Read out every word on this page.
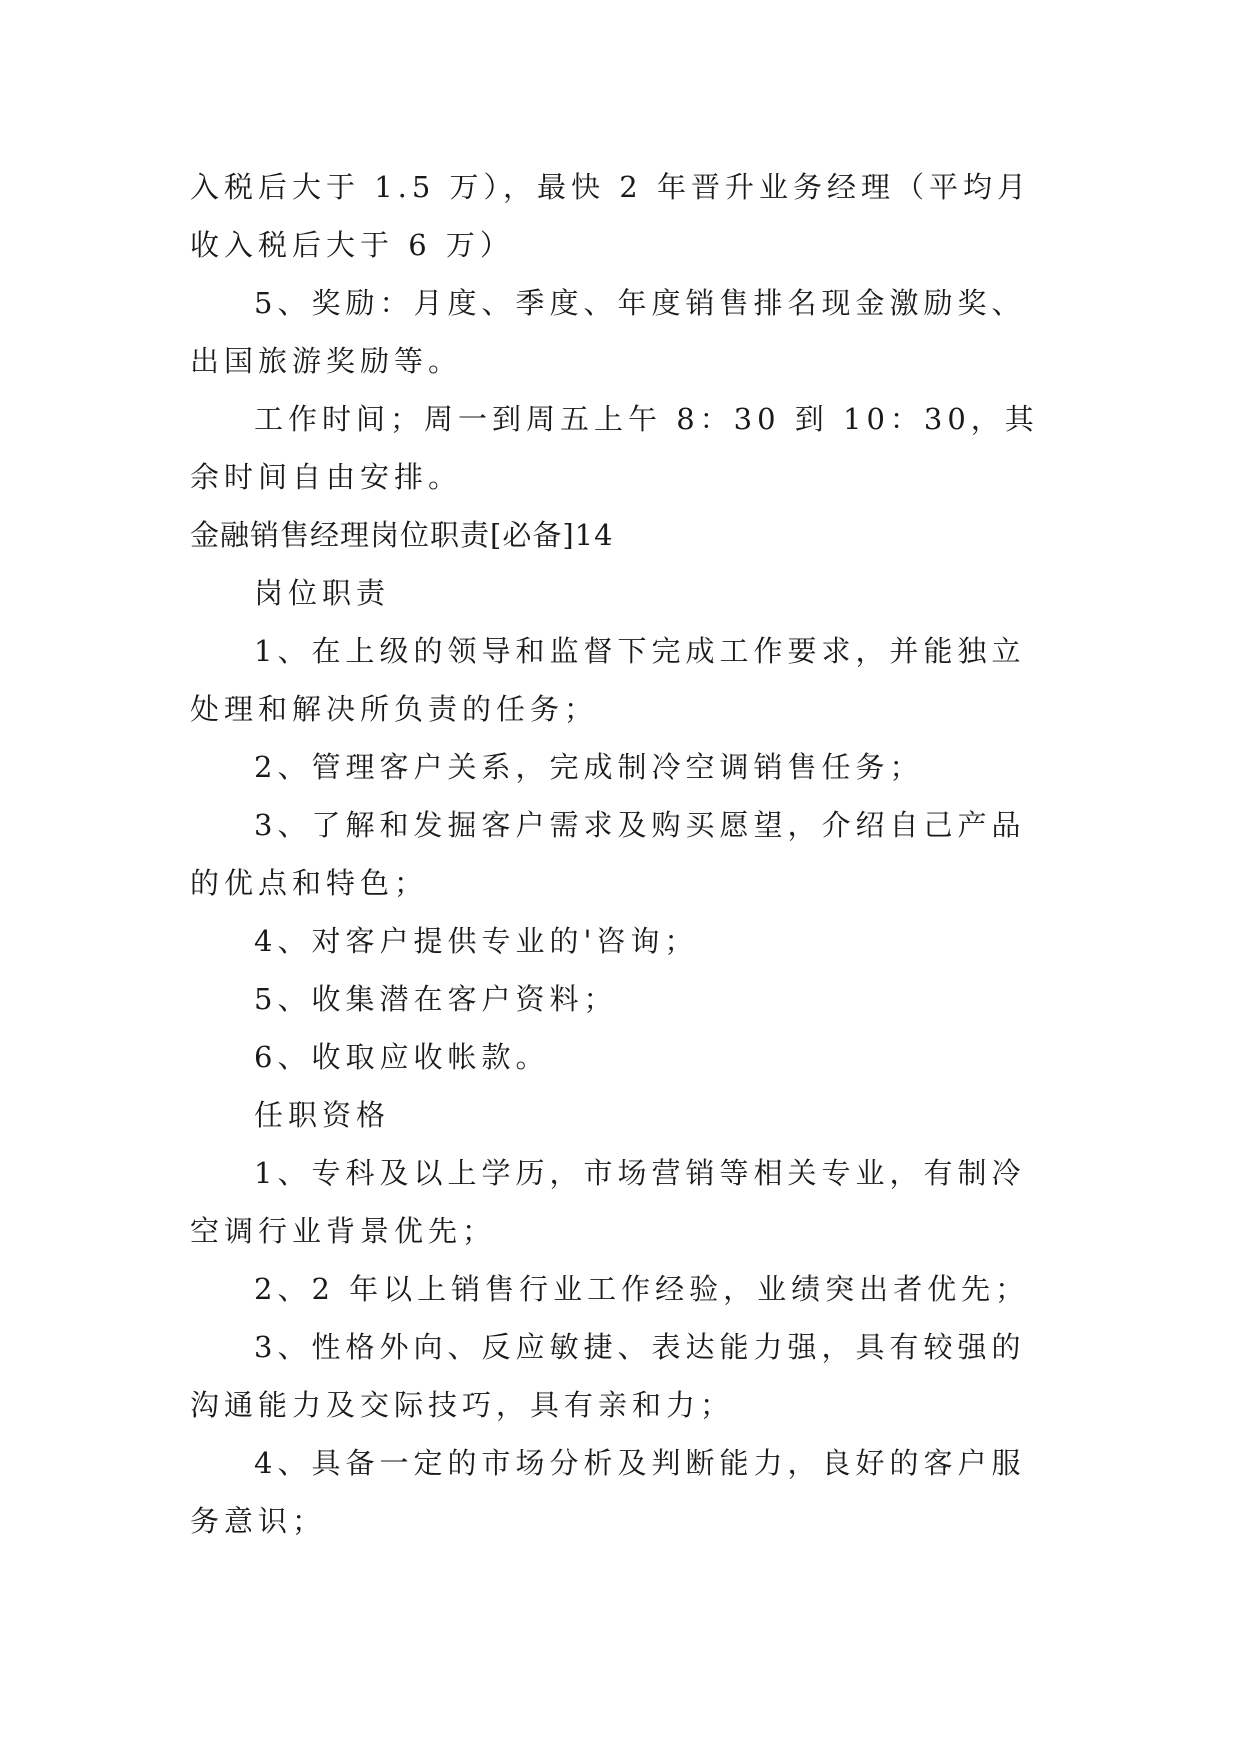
入税后大于 1.5 万），最快 2 年晋升业务经理（平均月收入税后大于 6 万）

5、奖励：月度、季度、年度销售排名现金激励奖、出国旅游奖励等。

工作时间；周一到周五上午 8：30 到 10：30，其余时间自由安排。

金融销售经理岗位职责[必备]14

岗位职责

1、在上级的领导和监督下完成工作要求，并能独立处理和解决所负责的任务；

2、管理客户关系，完成制冷空调销售任务；

3、了解和发掘客户需求及购买愿望，介绍自己产品的优点和特色；

4、对客户提供专业的'咨询；

5、收集潜在客户资料；

6、收取应收帐款。

任职资格

1、专科及以上学历，市场营销等相关专业，有制冷空调行业背景优先；

2、2 年以上销售行业工作经验，业绩突出者优先；

3、性格外向、反应敏捷、表达能力强，具有较强的沟通能力及交际技巧，具有亲和力；

4、具备一定的市场分析及判断能力，良好的客户服务意识；
